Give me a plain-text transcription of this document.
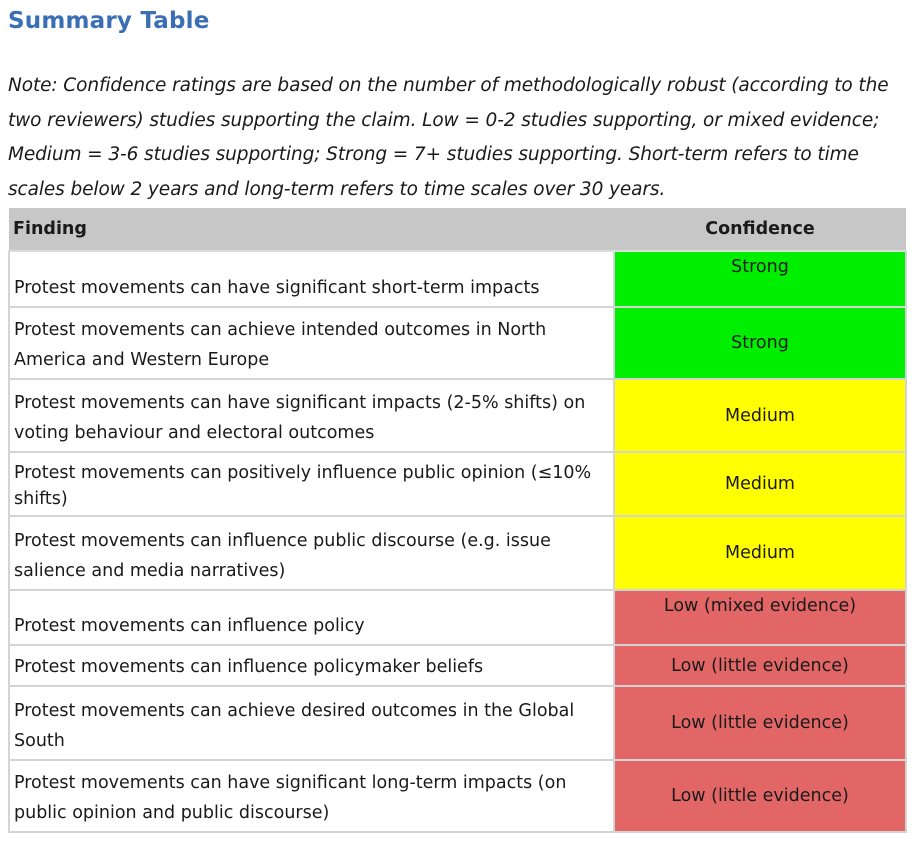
Summary Table

Note: Confidence ratings are based on the number of methodologically robust (according to the two reviewers) studies supporting the claim. Low = 0-2 studies supporting, or mixed evidence; Medium = 3-6 studies supporting; Strong = 7+ studies supporting. Short-term refers to time scales below 2 years and long-term refers to time scales over 30 years.

Finding	Confidence
Protest movements can have significant short-term impacts	Strong
Protest movements can achieve intended outcomes in North America and Western Europe	Strong
Protest movements can have significant impacts (2-5% shifts) on voting behaviour and electoral outcomes	Medium
Protest movements can positively influence public opinion (≤10% shifts)	Medium
Protest movements can influence public discourse (e.g. issue salience and media narratives)	Medium
Protest movements can influence policy	Low (mixed evidence)
Protest movements can influence policymaker beliefs	Low (little evidence)
Protest movements can achieve desired outcomes in the Global South	Low (little evidence)
Protest movements can have significant long-term impacts (on public opinion and public discourse)	Low (little evidence)
